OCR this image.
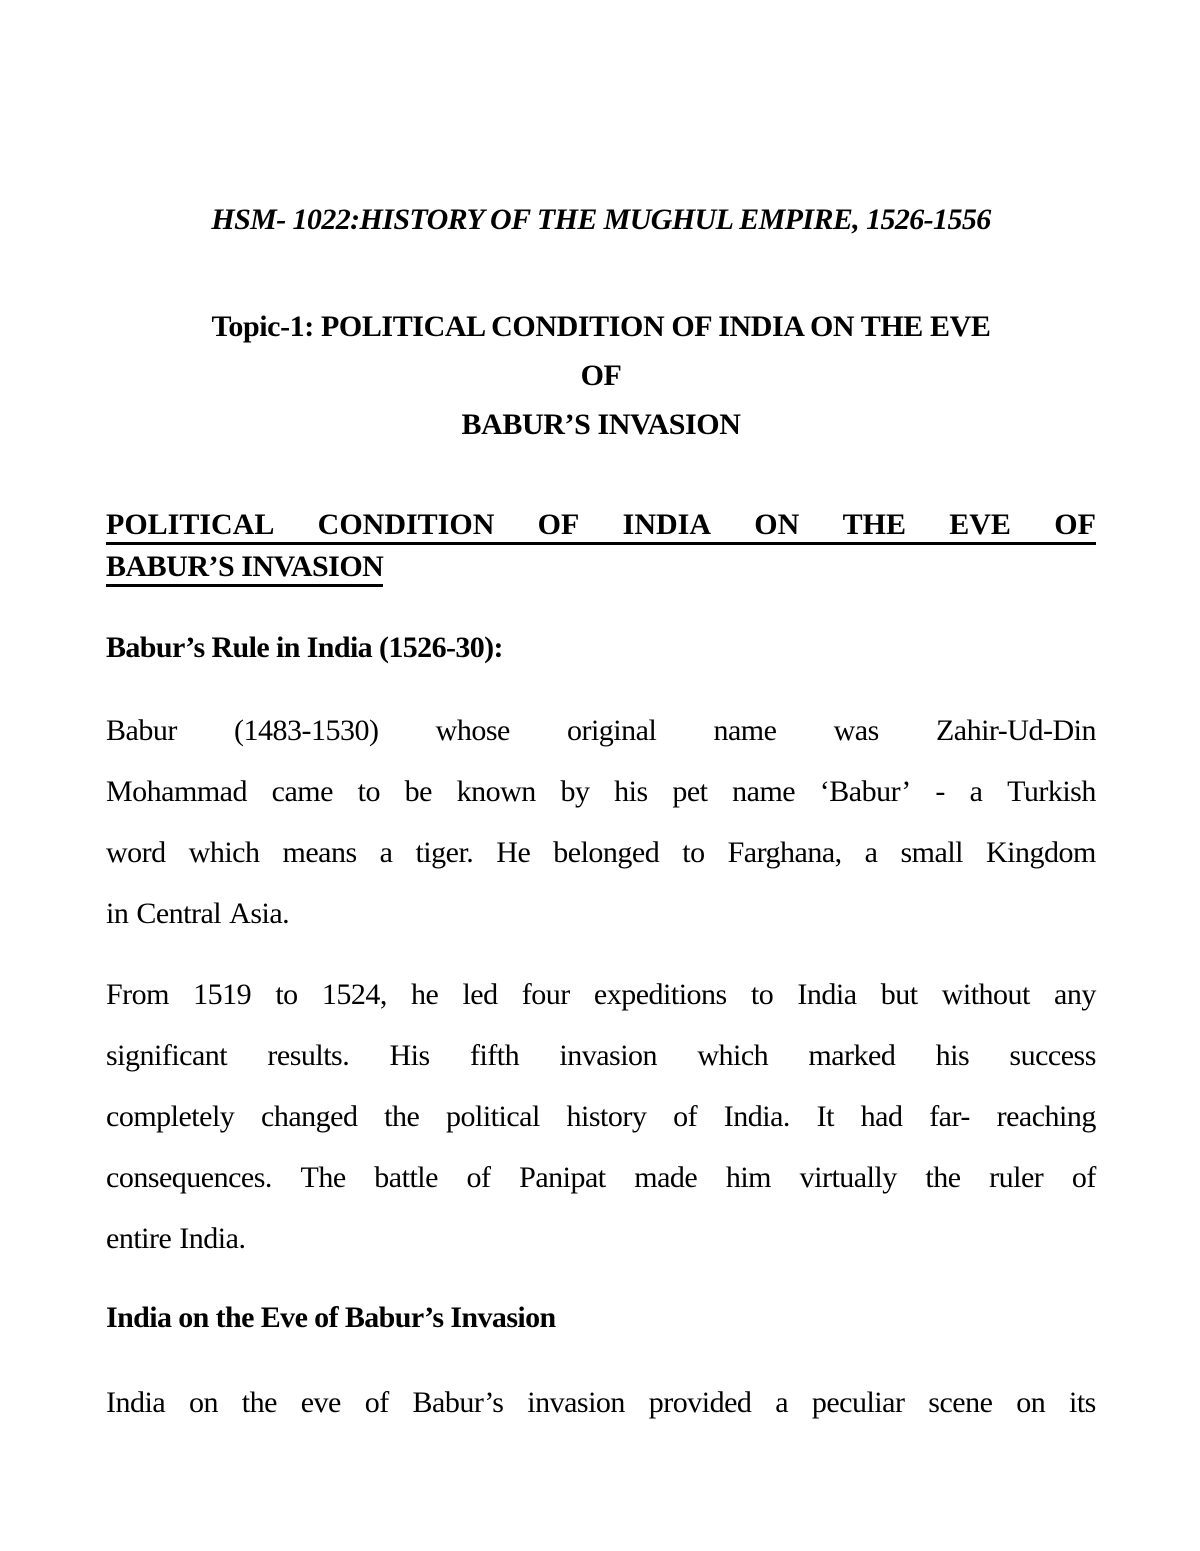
HSM- 1022:HISTORY OF THE MUGHUL EMPIRE, 1526-1556
Topic-1: POLITICAL CONDITION OF INDIA ON THE EVE
OF
BABUR’S INVASION
POLITICAL CONDITION OF INDIA ON THE EVE OF
BABUR’S INVASION
Babur’s Rule in India (1526-30):
Babur (1483-1530) whose original name was Zahir-Ud-Din
Mohammad came to be known by his pet name ‘Babur’ - a Turkish
word which means a tiger. He belonged to Farghana, a small Kingdom
in Central Asia.
From 1519 to 1524, he led four expeditions to India but without any
significant results. His fifth invasion which marked his success
completely changed the political history of India. It had far- reaching
consequences. The battle of Panipat made him virtually the ruler of
entire India.
India on the Eve of Babur’s Invasion
India on the eve of Babur’s invasion provided a peculiar scene on its
